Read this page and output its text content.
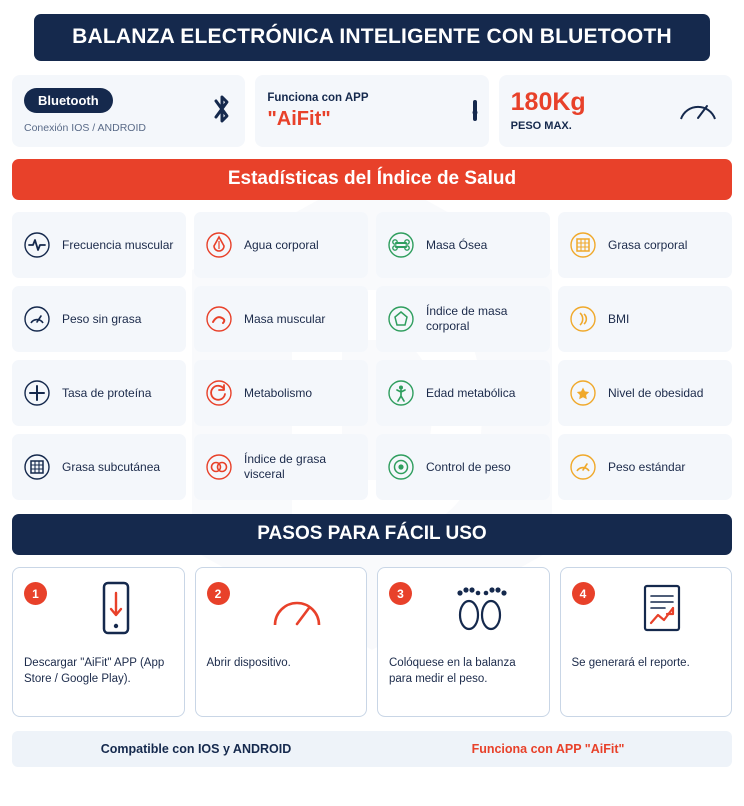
BALANZA ELECTRÓNICA INTELIGENTE CON BLUETOOTH
Bluetooth
Conexión IOS / ANDROID
Funciona con APP
"AiFit"
180Kg
PESO MAX.
Estadísticas del Índice de Salud
Frecuencia muscular	Agua corporal	Masa Ósea	Grasa corporal
Peso sin grasa	Masa muscular
Índice de masa corporal
BMI
Tasa de proteína	Metabolismo	Edad metabólica	Nivel de obesidad
Grasa subcutánea
Índice de grasa visceral
Control de peso	Peso estándar
PASOS PARA FÁCIL USO
1
Descargar "AiFit" APP (App Store / Google Play).
2
Abrir dispositivo.
3
Colóquese en la balanza para medir el peso.
4
Se generará el reporte.
Compatible con IOS y ANDROID	Funciona con APP "AiFit"
